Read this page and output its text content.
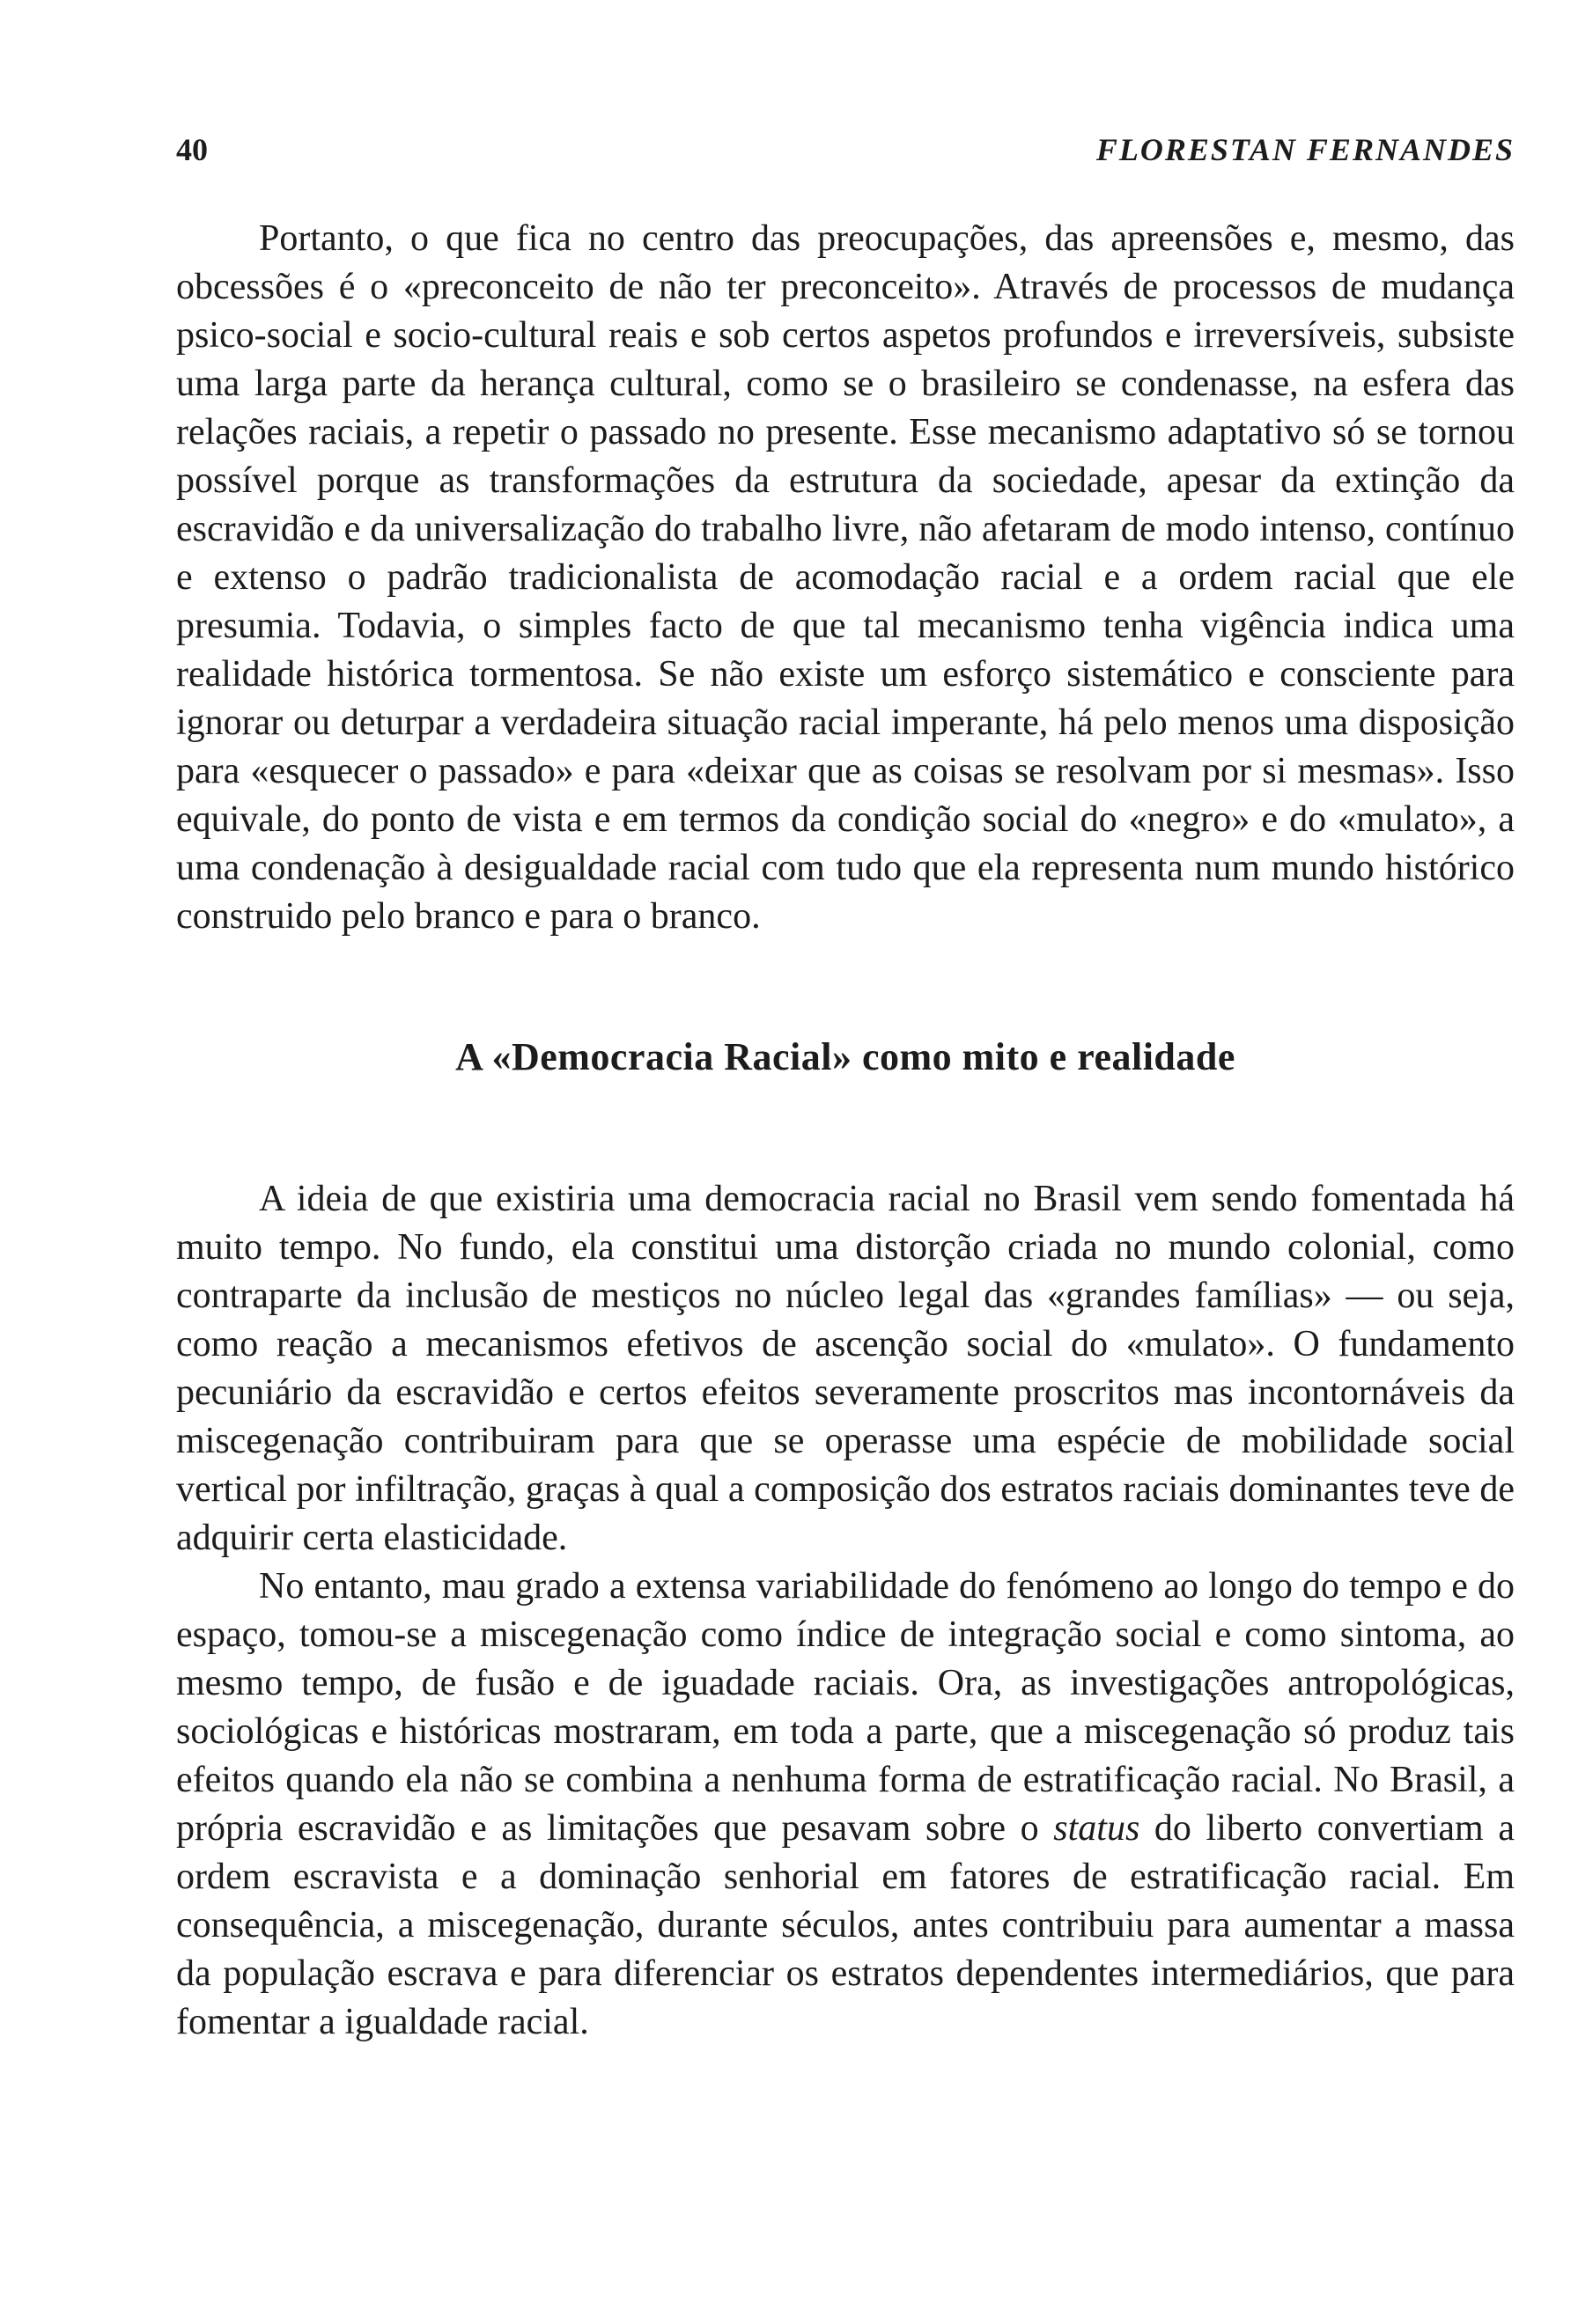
40	FLORESTAN FERNANDES

Portanto, o que fica no centro das preocupações, das apreensões e, mesmo, das obcessões é o «preconceito de não ter preconceito». Através de processos de mudança psico-social e socio-cultural reais e sob certos aspetos profundos e irreversíveis, subsiste uma larga parte da herança cultural, como se o brasileiro se condenasse, na esfera das relações raciais, a repetir o passado no presente. Esse mecanismo adaptativo só se tornou possível porque as transformações da estrutura da sociedade, apesar da extinção da escravidão e da universalização do trabalho livre, não afetaram de modo intenso, contínuo e extenso o padrão tradicionalista de acomodação racial e a ordem racial que ele presumia. Todavia, o simples facto de que tal mecanismo tenha vigência indica uma realidade histórica tormentosa. Se não existe um esforço sistemático e consciente para ignorar ou deturpar a verdadeira situação racial imperante, há pelo menos uma disposição para «esquecer o passado» e para «deixar que as coisas se resolvam por si mesmas». Isso equivale, do ponto de vista e em termos da condição social do «negro» e do «mulato», a uma condenação à desigualdade racial com tudo que ela representa num mundo histórico construido pelo branco e para o branco.

A «Democracia Racial» como mito e realidade

A ideia de que existiria uma democracia racial no Brasil vem sendo fomentada há muito tempo. No fundo, ela constitui uma distorção criada no mundo colonial, como contraparte da inclusão de mestiços no núcleo legal das «grandes famílias» — ou seja, como reação a mecanismos efetivos de ascenção social do «mulato». O fundamento pecuniário da escravidão e certos efeitos severamente proscritos mas incontornáveis da miscegenação contribuiram para que se operasse uma espécie de mobilidade social vertical por infiltração, graças à qual a composição dos estratos raciais dominantes teve de adquirir certa elasticidade.

No entanto, mau grado a extensa variabilidade do fenómeno ao longo do tempo e do espaço, tomou-se a miscegenação como índice de integração social e como sintoma, ao mesmo tempo, de fusão e de iguadade raciais. Ora, as investigações antropológicas, sociológicas e históricas mostraram, em toda a parte, que a miscegenação só produz tais efeitos quando ela não se combina a nenhuma forma de estratificação racial. No Brasil, a própria escravidão e as limitações que pesavam sobre o status do liberto convertiam a ordem escravista e a dominação senhorial em fatores de estratificação racial. Em consequência, a miscegenação, durante séculos, antes contribuiu para aumentar a massa da população escrava e para diferenciar os estratos dependentes intermediários, que para fomentar a igualdade racial.
